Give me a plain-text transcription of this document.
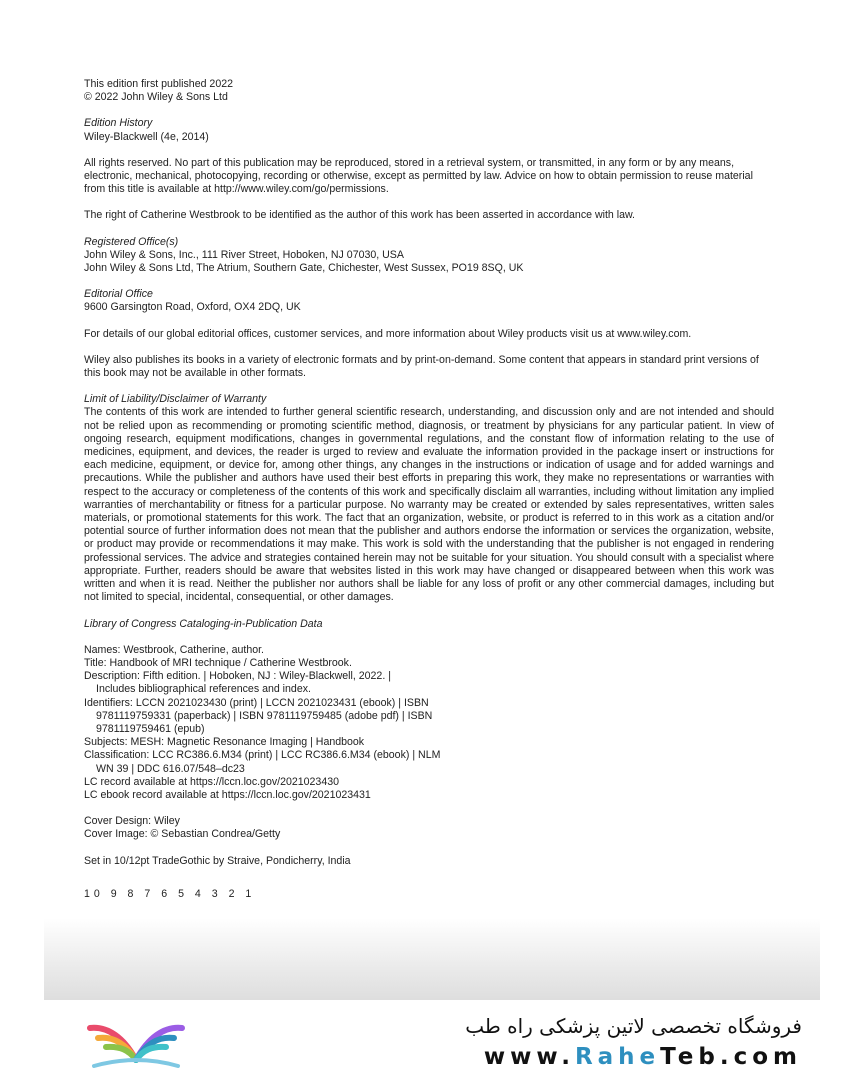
This edition first published 2022

© 2022 John Wiley & Sons Ltd

Edition History

Wiley-Blackwell (4e, 2014)

All rights reserved. No part of this publication may be reproduced, stored in a retrieval system, or transmitted, in any form or by any means, electronic, mechanical, photocopying, recording or otherwise, except as permitted by law. Advice on how to obtain permission to reuse material from this title is available at http://www.wiley.com/go/permissions.

The right of Catherine Westbrook to be identified as the author of this work has been asserted in accordance with law.

Registered Office(s)

John Wiley & Sons, Inc., 111 River Street, Hoboken, NJ 07030, USA

John Wiley & Sons Ltd, The Atrium, Southern Gate, Chichester, West Sussex, PO19 8SQ, UK

Editorial Office

9600 Garsington Road, Oxford, OX4 2DQ, UK

For details of our global editorial offices, customer services, and more information about Wiley products visit us at www.wiley.com.

Wiley also publishes its books in a variety of electronic formats and by print-on-demand. Some content that appears in standard print versions of this book may not be available in other formats.

Limit of Liability/Disclaimer of Warranty

The contents of this work are intended to further general scientific research, understanding, and discussion only and are not intended and should not be relied upon as recommending or promoting scientific method, diagnosis, or treatment by physicians for any particular patient. In view of ongoing research, equipment modifications, changes in governmental regulations, and the constant flow of information relating to the use of medicines, equipment, and devices, the reader is urged to review and evaluate the information provided in the package insert or instructions for each medicine, equipment, or device for, among other things, any changes in the instructions or indication of usage and for added warnings and precautions. While the publisher and authors have used their best efforts in preparing this work, they make no representations or warranties with respect to the accuracy or completeness of the contents of this work and specifically disclaim all warranties, including without limitation any implied warranties of merchantability or fitness for a particular purpose. No warranty may be created or extended by sales representatives, written sales materials, or promotional statements for this work. The fact that an organization, website, or product is referred to in this work as a citation and/or potential source of further information does not mean that the publisher and authors endorse the information or services the organization, website, or product may provide or recommendations it may make. This work is sold with the understanding that the publisher is not engaged in rendering professional services. The advice and strategies contained herein may not be suitable for your situation. You should consult with a specialist where appropriate. Further, readers should be aware that websites listed in this work may have changed or disappeared between when this work was written and when it is read. Neither the publisher nor authors shall be liable for any loss of profit or any other commercial damages, including but not limited to special, incidental, consequential, or other damages.

Library of Congress Cataloging-in-Publication Data

Names: Westbrook, Catherine, author.

Title: Handbook of MRI technique / Catherine Westbrook.

Description: Fifth edition. | Hoboken, NJ : Wiley-Blackwell, 2022. |

Includes bibliographical references and index.

Identifiers: LCCN 2021023430 (print) | LCCN 2021023431 (ebook) | ISBN

9781119759331 (paperback) | ISBN 9781119759485 (adobe pdf) | ISBN

9781119759461 (epub)

Subjects: MESH: Magnetic Resonance Imaging | Handbook

Classification: LCC RC386.6.M34 (print) | LCC RC386.6.M34 (ebook) | NLM

WN 39 | DDC 616.07/548–dc23

LC record available at https://lccn.loc.gov/2021023430

LC ebook record available at https://lccn.loc.gov/2021023431

Cover Design: Wiley

Cover Image: © Sebastian Condrea/Getty

Set in 10/12pt TradeGothic by Straive, Pondicherry, India

10 9 8 7 6 5 4 3 2 1

فروشگاه تخصصی لاتین پزشکی راه طب
www.RaheTeb.com
